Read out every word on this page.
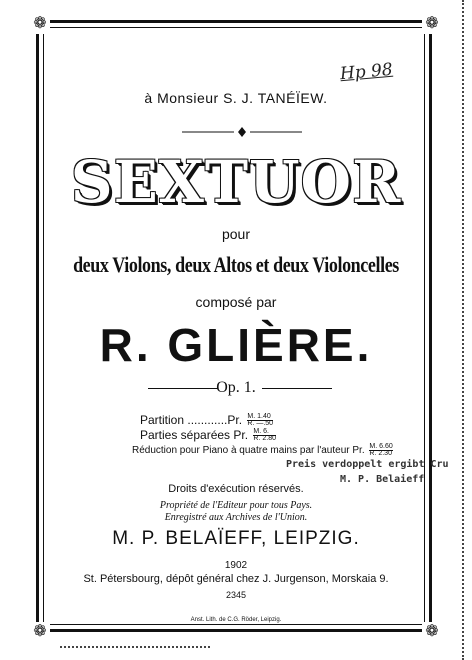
❁	❁
❁	❁
Hp 98
à Monsieur S. J. TANÉÏEW.
SEXTUOR
pour
deux Violons, deux Altos et deux Violoncelles
composé par
R. GLIÈRE.
Op. 1.
Partition ............Pr. $\frac{M. 1.40}{R. —.50}$
Parties séparées Pr. $\frac{M. 6.}{R. 2.80}$
Réduction pour Piano à quatre mains par l'auteur Pr. $\frac{M. 6.60}{R. 2.30}$
Preis verdoppelt ergibt Cru
M. P. Belaieff
Droits d'exécution réservés.
Propriété de l'Editeur pour tous Pays.
Enregistré aux Archives de l'Union.
M. P. BELAÏEFF, LEIPZIG.
1902
St. Pétersbourg, dépôt général chez J. Jurgenson, Morskaia 9.
2345
Anst. Lith. de C.G. Röder, Leipzig.
